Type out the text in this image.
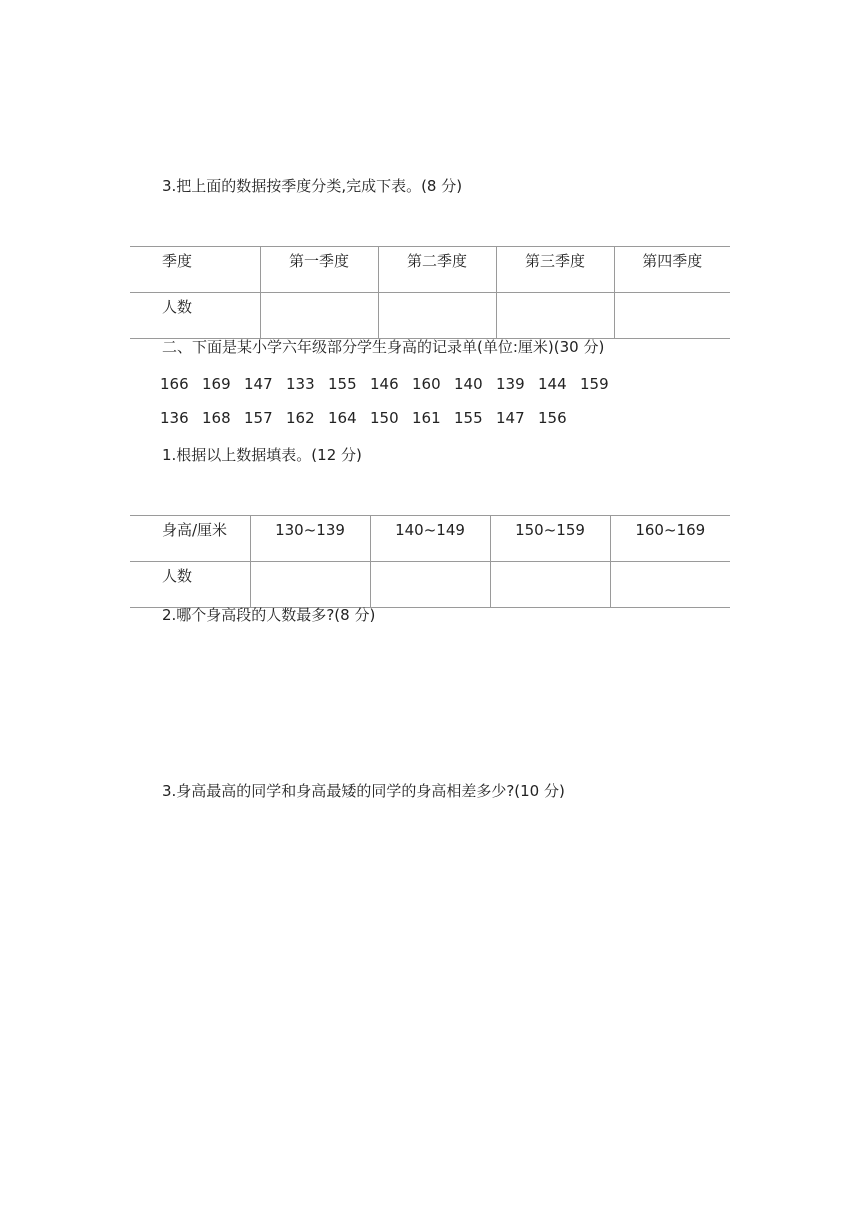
3.把上面的数据按季度分类,完成下表。(8 分)
季度	第一季度	第二季度	第三季度	第四季度
人数				
二、下面是某小学六年级部分学生身高的记录单(单位:厘米)(30 分)
166 169 147 133 155 146 160 140 139 144 159
136 168 157 162 164 150 161 155 147 156
1.根据以上数据填表。(12 分)
身高/厘米	130~139	140~149	150~159	160~169
人数				
2.哪个身高段的人数最多?(8 分)
3.身高最高的同学和身高最矮的同学的身高相差多少?(10 分)
